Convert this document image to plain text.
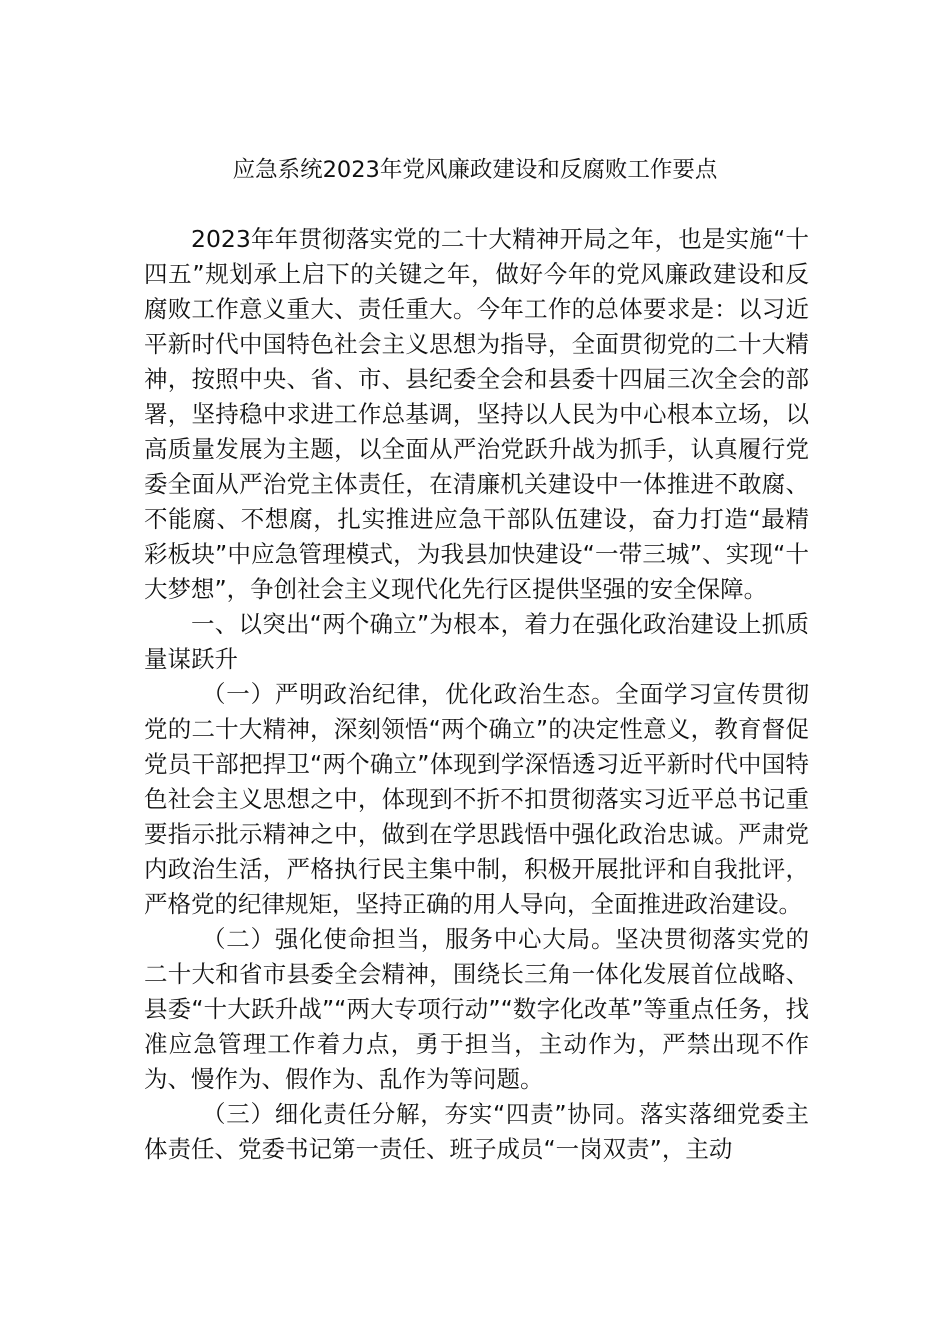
应急系统2023年党风廉政建设和反腐败工作要点

2023年年贯彻落实党的二十大精神开局之年，也是实施“十四五”规划承上启下的关键之年，做好今年的党风廉政建设和反腐败工作意义重大、责任重大。今年工作的总体要求是：以习近平新时代中国特色社会主义思想为指导，全面贯彻党的二十大精神，按照中央、省、市、县纪委全会和县委十四届三次全会的部署，坚持稳中求进工作总基调，坚持以人民为中心根本立场，以高质量发展为主题，以全面从严治党跃升战为抓手，认真履行党委全面从严治党主体责任，在清廉机关建设中一体推进不敢腐、不能腐、不想腐，扎实推进应急干部队伍建设，奋力打造“最精彩板块”中应急管理模式，为我县加快建设“一带三城”、实现“十大梦想”，争创社会主义现代化先行区提供坚强的安全保障。

一、以突出“两个确立”为根本，着力在强化政治建设上抓质量谋跃升

（一）严明政治纪律，优化政治生态。全面学习宣传贯彻党的二十大精神，深刻领悟“两个确立”的决定性意义，教育督促党员干部把捍卫“两个确立”体现到学深悟透习近平新时代中国特色社会主义思想之中，体现到不折不扣贯彻落实习近平总书记重要指示批示精神之中，做到在学思践悟中强化政治忠诚。严肃党内政治生活，严格执行民主集中制，积极开展批评和自我批评，严格党的纪律规矩，坚持正确的用人导向，全面推进政治建设。

（二）强化使命担当，服务中心大局。坚决贯彻落实党的二十大和省市县委全会精神，围绕长三角一体化发展首位战略、县委“十大跃升战”“两大专项行动”“数字化改革”等重点任务，找准应急管理工作着力点，勇于担当，主动作为，严禁出现不作为、慢作为、假作为、乱作为等问题。

（三）细化责任分解，夯实“四责”协同。落实落细党委主体责任、党委书记第一责任、班子成员“一岗双责”，主动
